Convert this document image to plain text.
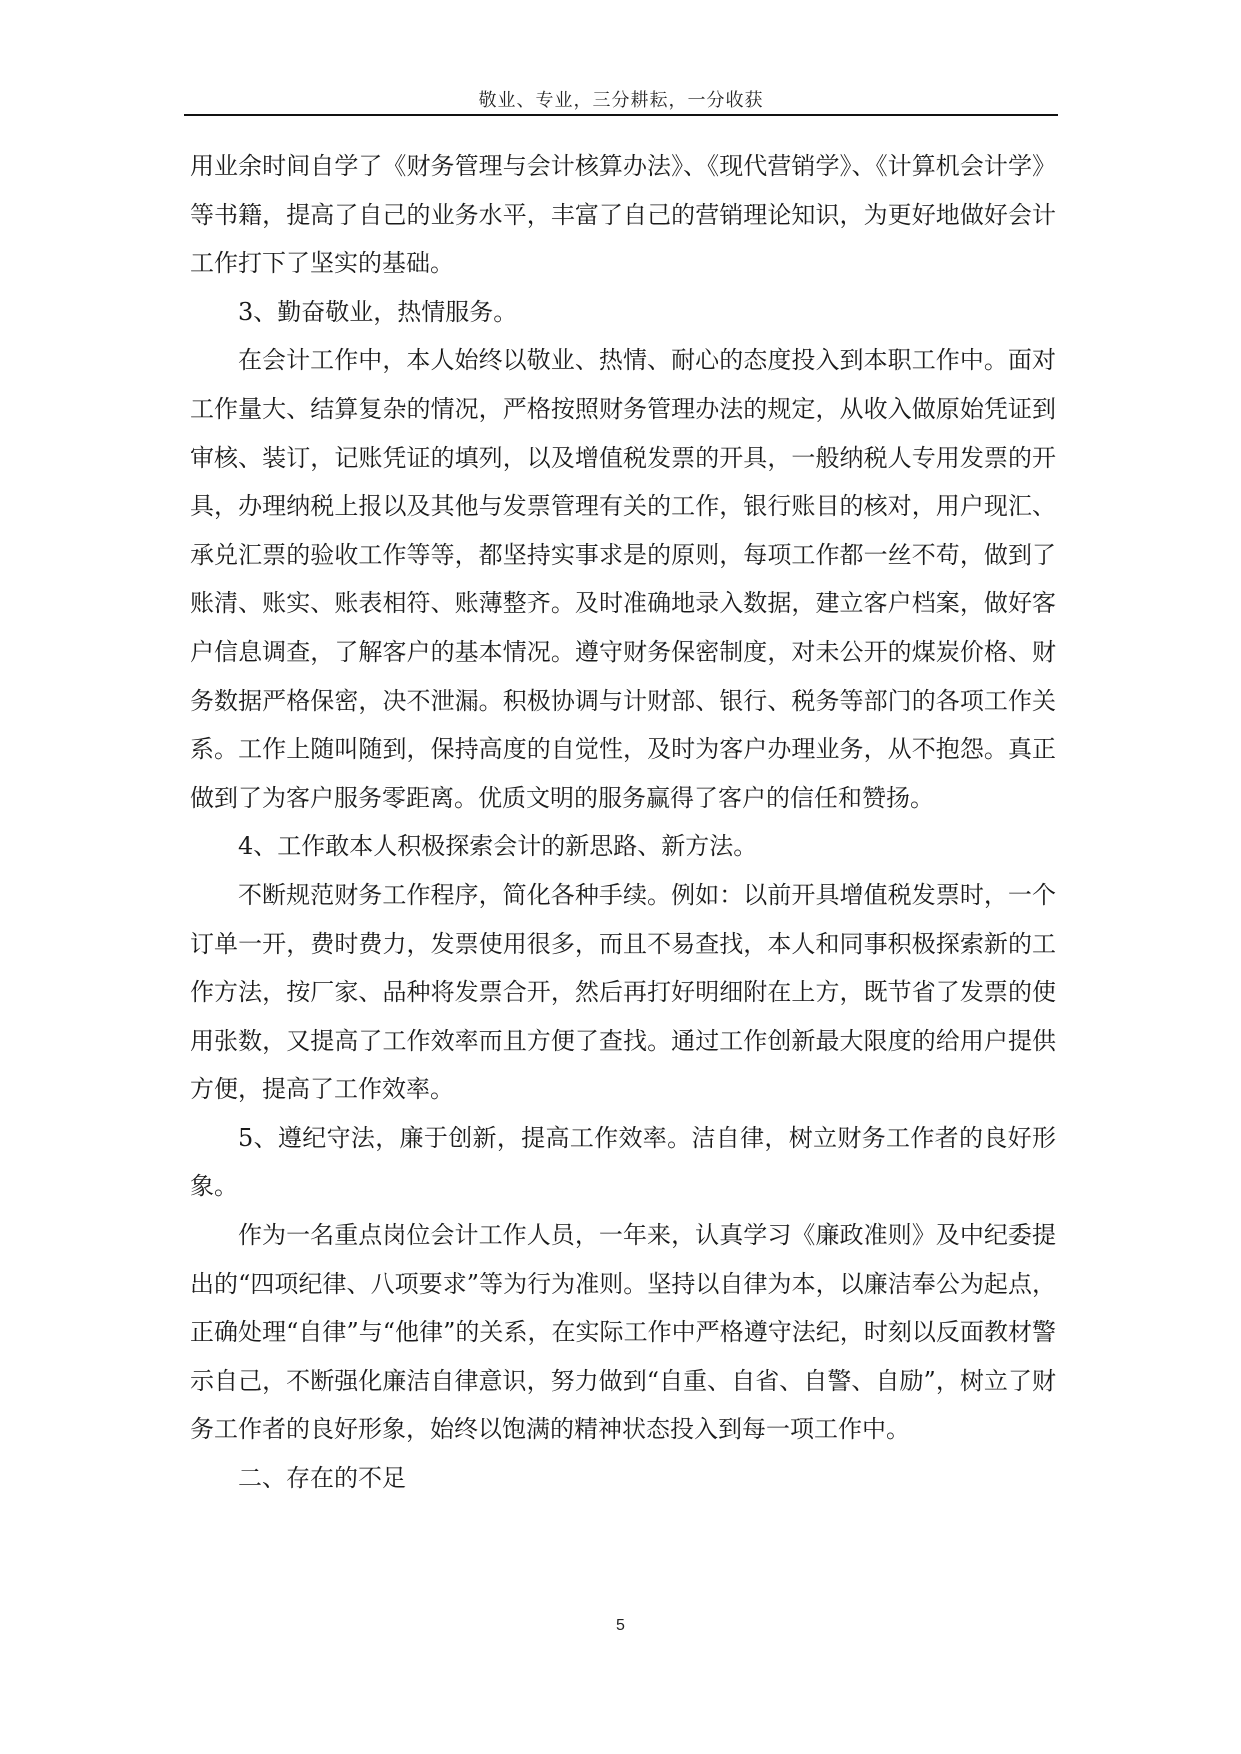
敬业、专业，三分耕耘，一分收获

用业余时间自学了《财务管理与会计核算办法》、《现代营销学》、《计算机会计学》等书籍，提高了自己的业务水平，丰富了自己的营销理论知识，为更好地做好会计工作打下了坚实的基础。

3、勤奋敬业，热情服务。

在会计工作中，本人始终以敬业、热情、耐心的态度投入到本职工作中。面对工作量大、结算复杂的情况，严格按照财务管理办法的规定，从收入做原始凭证到审核、装订，记账凭证的填列，以及增值税发票的开具，一般纳税人专用发票的开具，办理纳税上报以及其他与发票管理有关的工作，银行账目的核对，用户现汇、承兑汇票的验收工作等等，都坚持实事求是的原则，每项工作都一丝不苟，做到了账清、账实、账表相符、账薄整齐。及时准确地录入数据，建立客户档案，做好客户信息调查，了解客户的基本情况。遵守财务保密制度，对未公开的煤炭价格、财务数据严格保密，决不泄漏。积极协调与计财部、银行、税务等部门的各项工作关系。工作上随叫随到，保持高度的自觉性，及时为客户办理业务，从不抱怨。真正做到了为客户服务零距离。优质文明的服务赢得了客户的信任和赞扬。

4、工作敢本人积极探索会计的新思路、新方法。

不断规范财务工作程序，简化各种手续。例如：以前开具增值税发票时，一个订单一开，费时费力，发票使用很多，而且不易查找，本人和同事积极探索新的工作方法，按厂家、品种将发票合开，然后再打好明细附在上方，既节省了发票的使用张数，又提高了工作效率而且方便了查找。通过工作创新最大限度的给用户提供方便，提高了工作效率。

5、遵纪守法，廉于创新，提高工作效率。洁自律，树立财务工作者的良好形象。

作为一名重点岗位会计工作人员，一年来，认真学习《廉政准则》及中纪委提出的“四项纪律、八项要求”等为行为准则。坚持以自律为本，以廉洁奉公为起点，正确处理“自律”与“他律”的关系，在实际工作中严格遵守法纪，时刻以反面教材警示自己，不断强化廉洁自律意识，努力做到“自重、自省、自警、自励”，树立了财务工作者的良好形象，始终以饱满的精神状态投入到每一项工作中。

二、存在的不足

5
